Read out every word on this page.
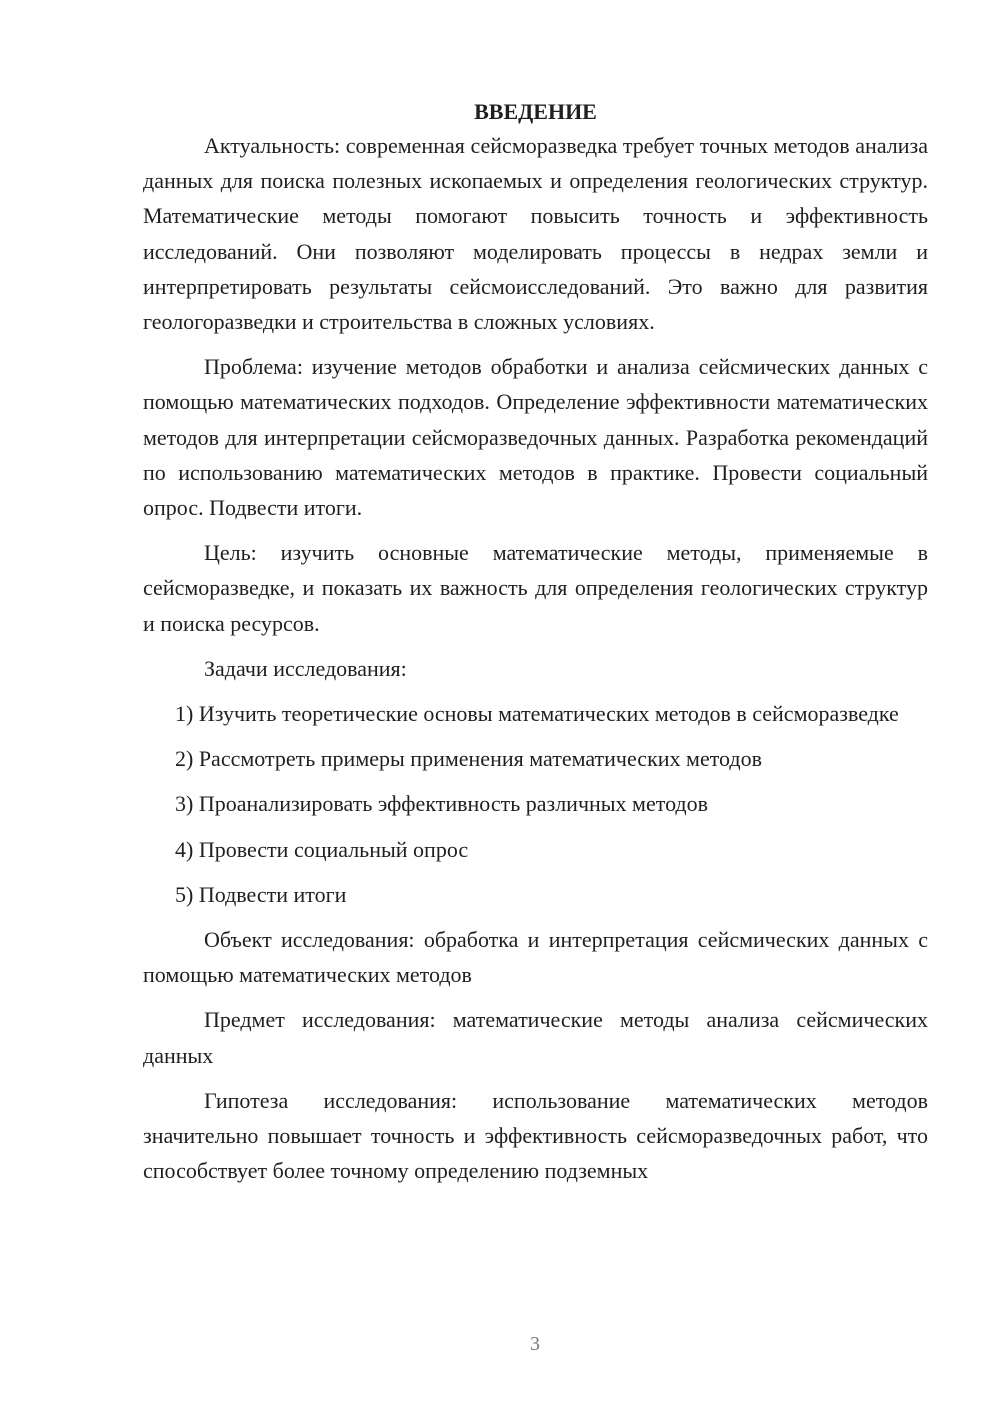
ВВЕДЕНИЕ

Актуальность: современная сейсморазведка требует точных методов анализа данных для поиска полезных ископаемых и определения геологических структур. Математические методы помогают повысить точность и эффективность исследований. Они позволяют моделировать процессы в недрах земли и интерпретировать результаты сейсмоисследований. Это важно для развития геологоразведки и строительства в сложных условиях.

Проблема: изучение методов обработки и анализа сейсмических данных с помощью математических подходов. Определение эффективности математических методов для интерпретации сейсморазведочных данных. Разработка рекомендаций по использованию математических методов в практике. Провести социальный опрос. Подвести итоги.

Цель: изучить основные математические методы, применяемые в сейсморазведке, и показать их важность для определения геологических структур и поиска ресурсов.

Задачи исследования:

1) Изучить теоретические основы математических методов в сейсморазведке

2) Рассмотреть примеры применения математических методов

3) Проанализировать эффективность различных методов

4) Провести социальный опрос

5) Подвести итоги

Объект исследования: обработка и интерпретация сейсмических данных с помощью математических методов

Предмет исследования: математические методы анализа сейсмических данных

Гипотеза исследования: использование математических методов значительно повышает точность и эффективность сейсморазведочных работ, что способствует более точному определению подземных

3
